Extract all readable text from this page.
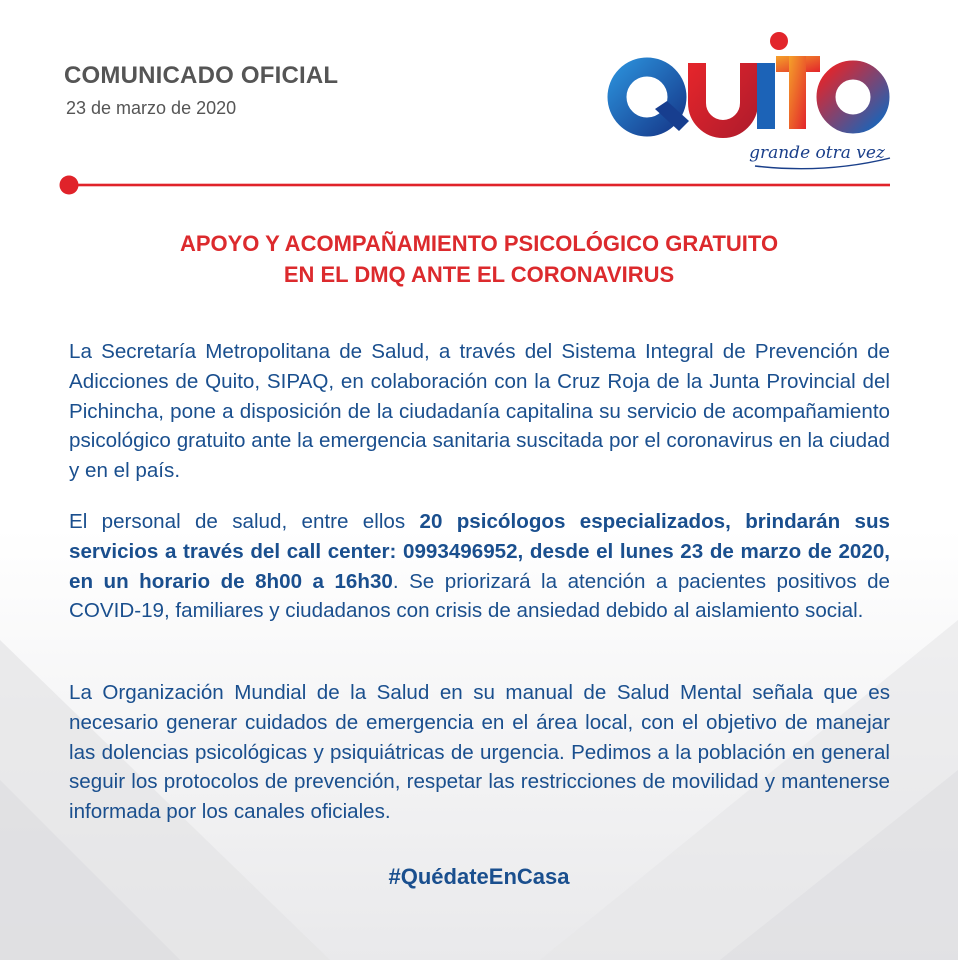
COMUNICADO OFICIAL
23 de marzo de 2020
grande otra vez
APOYO Y ACOMPAÑAMIENTO PSICOLÓGICO GRATUITO
EN EL DMQ ANTE EL CORONAVIRUS
La Secretaría Metropolitana de Salud, a través del Sistema Integral de Prevención de Adicciones de Quito, SIPAQ, en colaboración con la Cruz Roja de la Junta Provincial del Pichincha, pone a disposición de la ciudadanía capitalina su servicio de acompañamiento psicológico gratuito ante la emergencia sanitaria suscitada por el coronavirus en la ciudad y en el país.
El personal de salud, entre ellos 20 psicólogos especializados, brindarán sus servicios a través del call center: 0993496952, desde el lunes 23 de marzo de 2020, en un horario de 8h00 a 16h30. Se priorizará la atención a pacientes positivos de COVID-19, familiares y ciudadanos con crisis de ansiedad debido al aislamiento social.
La Organización Mundial de la Salud en su manual de Salud Mental señala que es necesario generar cuidados de emergencia en el área local, con el objetivo de manejar las dolencias psicológicas y psiquiátricas de urgencia. Pedimos a la población en general seguir los protocolos de prevención, respetar las restricciones de movilidad y mantenerse informada por los canales oficiales.
#QuédateEnCasa
